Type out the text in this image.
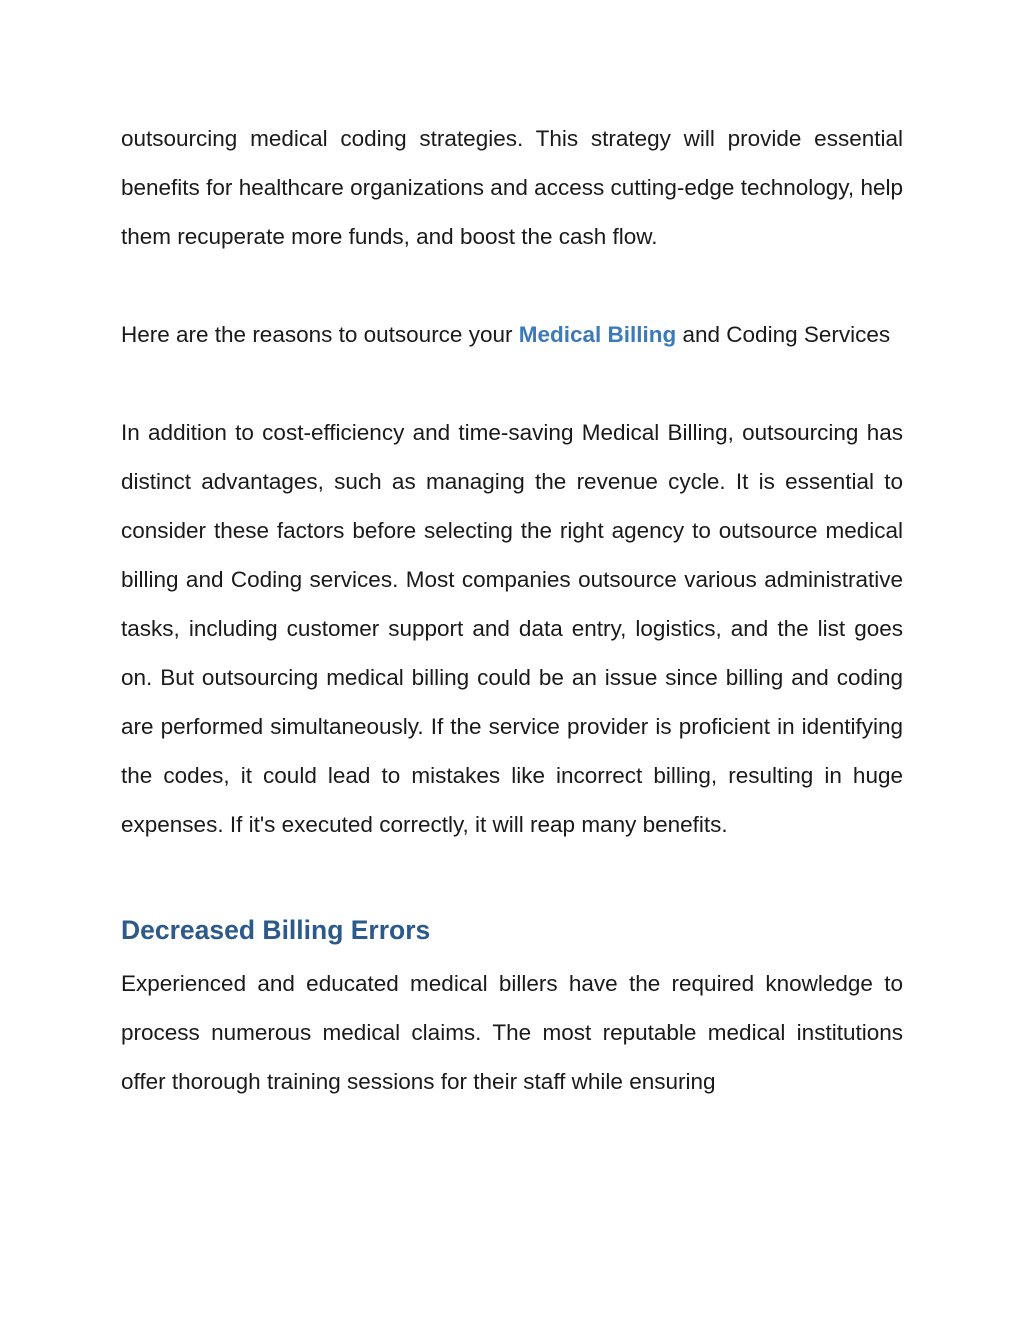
outsourcing medical coding strategies. This strategy will provide essential benefits for healthcare organizations and access cutting-edge technology, help them recuperate more funds, and boost the cash flow.

Here are the reasons to outsource your Medical Billing and Coding Services

In addition to cost-efficiency and time-saving Medical Billing, outsourcing has distinct advantages, such as managing the revenue cycle. It is essential to consider these factors before selecting the right agency to outsource medical billing and Coding services. Most companies outsource various administrative tasks, including customer support and data entry, logistics, and the list goes on. But outsourcing medical billing could be an issue since billing and coding are performed simultaneously. If the service provider is proficient in identifying the codes, it could lead to mistakes like incorrect billing, resulting in huge expenses. If it's executed correctly, it will reap many benefits.

Decreased Billing Errors

Experienced and educated medical billers have the required knowledge to process numerous medical claims. The most reputable medical institutions offer thorough training sessions for their staff while ensuring
